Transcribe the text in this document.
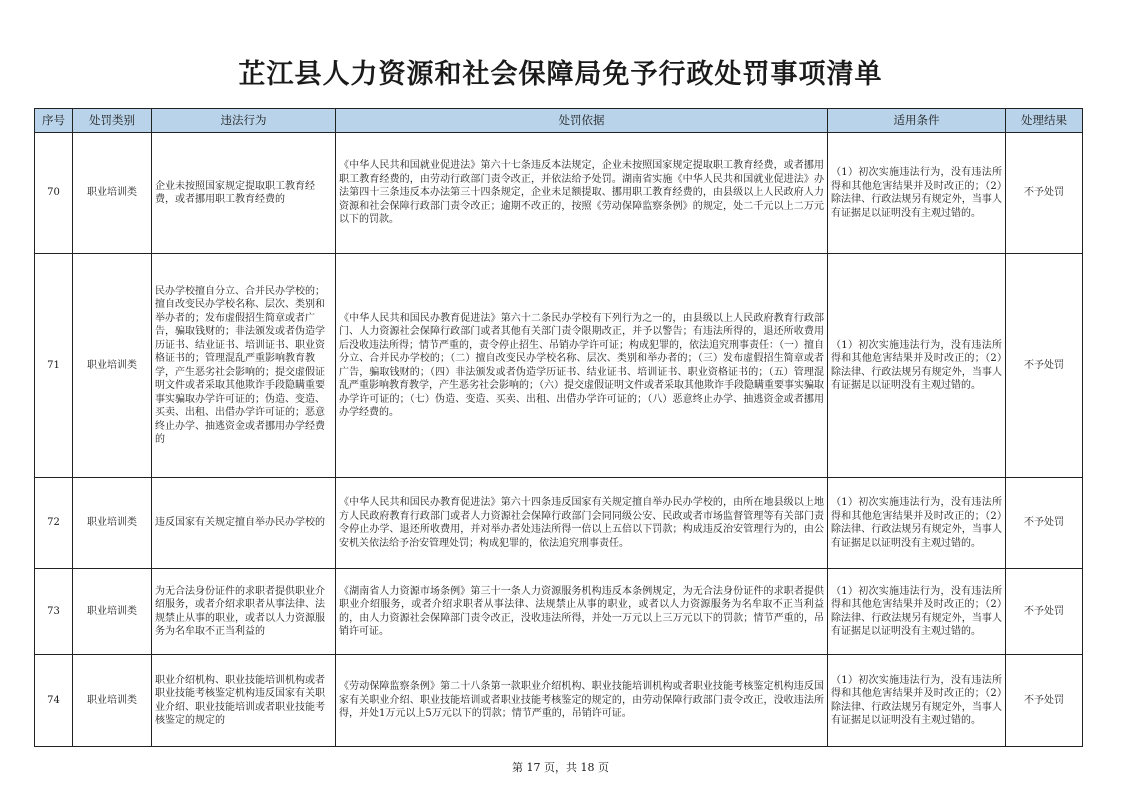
芷江县人力资源和社会保障局免予行政处罚事项清单
序号	处罚类别	违法行为	处罚依据	适用条件	处理结果
70	职业培训类	企业未按照国家规定提取职工教育经费，或者挪用职工教育经费的	《中华人民共和国就业促进法》第六十七条违反本法规定，企业未按照国家规定提取职工教育经费，或者挪用职工教育经费的，由劳动行政部门责令改正，并依法给予处罚。湖南省实施《中华人民共和国就业促进法》办法第四十三条违反本办法第三十四条规定，企业未足额提取、挪用职工教育经费的，由县级以上人民政府人力资源和社会保障行政部门责令改正；逾期不改正的，按照《劳动保障监察条例》的规定，处二千元以上二万元以下的罚款。	（1）初次实施违法行为，没有违法所得和其他危害结果并及时改正的；（2）除法律、行政法规另有规定外，当事人有证据足以证明没有主观过错的。	不予处罚
71	职业培训类	民办学校擅自分立、合并民办学校的；擅自改变民办学校名称、层次、类别和举办者的；发布虚假招生简章或者广告，骗取钱财的；非法颁发或者伪造学历证书、结业证书、培训证书、职业资格证书的；管理混乱严重影响教育教学，产生恶劣社会影响的；提交虚假证明文件或者采取其他欺诈手段隐瞒重要事实骗取办学许可证的；伪造、变造、买卖、出租、出借办学许可证的；恶意终止办学、抽逃资金或者挪用办学经费的	《中华人民共和国民办教育促进法》第六十二条民办学校有下列行为之一的，由县级以上人民政府教育行政部门、人力资源社会保障行政部门或者其他有关部门责令限期改正，并予以警告；有违法所得的，退还所收费用后没收违法所得；情节严重的，责令停止招生、吊销办学许可证；构成犯罪的，依法追究刑事责任：（一）擅自分立、合并民办学校的；（二）擅自改变民办学校名称、层次、类别和举办者的；（三）发布虚假招生简章或者广告，骗取钱财的；（四）非法颁发或者伪造学历证书、结业证书、培训证书、职业资格证书的；（五）管理混乱严重影响教育教学，产生恶劣社会影响的；（六）提交虚假证明文件或者采取其他欺诈手段隐瞒重要事实骗取办学许可证的；（七）伪造、变造、买卖、出租、出借办学许可证的；（八）恶意终止办学、抽逃资金或者挪用办学经费的。	（1）初次实施违法行为，没有违法所得和其他危害结果并及时改正的；（2）除法律、行政法规另有规定外，当事人有证据足以证明没有主观过错的。	不予处罚
72	职业培训类	违反国家有关规定擅自举办民办学校的	《中华人民共和国民办教育促进法》第六十四条违反国家有关规定擅自举办民办学校的，由所在地县级以上地方人民政府教育行政部门或者人力资源社会保障行政部门会同同级公安、民政或者市场监督管理等有关部门责令停止办学、退还所收费用，并对举办者处违法所得一倍以上五倍以下罚款；构成违反治安管理行为的，由公安机关依法给予治安管理处罚；构成犯罪的，依法追究刑事责任。	（1）初次实施违法行为，没有违法所得和其他危害结果并及时改正的；（2）除法律、行政法规另有规定外，当事人有证据足以证明没有主观过错的。	不予处罚
73	职业培训类	为无合法身份证件的求职者提供职业介绍服务，或者介绍求职者从事法律、法规禁止从事的职业，或者以人力资源服务为名牟取不正当利益的	《湖南省人力资源市场条例》第三十一条人力资源服务机构违反本条例规定，为无合法身份证件的求职者提供职业介绍服务，或者介绍求职者从事法律、法规禁止从事的职业，或者以人力资源服务为名牟取不正当利益的，由人力资源社会保障部门责令改正，没收违法所得，并处一万元以上三万元以下的罚款；情节严重的，吊销许可证。	（1）初次实施违法行为，没有违法所得和其他危害结果并及时改正的；（2）除法律、行政法规另有规定外，当事人有证据足以证明没有主观过错的。	不予处罚
74	职业培训类	职业介绍机构、职业技能培训机构或者职业技能考核鉴定机构违反国家有关职业介绍、职业技能培训或者职业技能考核鉴定的规定的	《劳动保障监察条例》第二十八条第一款职业介绍机构、职业技能培训机构或者职业技能考核鉴定机构违反国家有关职业介绍、职业技能培训或者职业技能考核鉴定的规定的，由劳动保障行政部门责令改正，没收违法所得，并处1万元以上5万元以下的罚款；情节严重的，吊销许可证。	（1）初次实施违法行为，没有违法所得和其他危害结果并及时改正的；（2）除法律、行政法规另有规定外，当事人有证据足以证明没有主观过错的。	不予处罚
第 17 页，共 18 页
